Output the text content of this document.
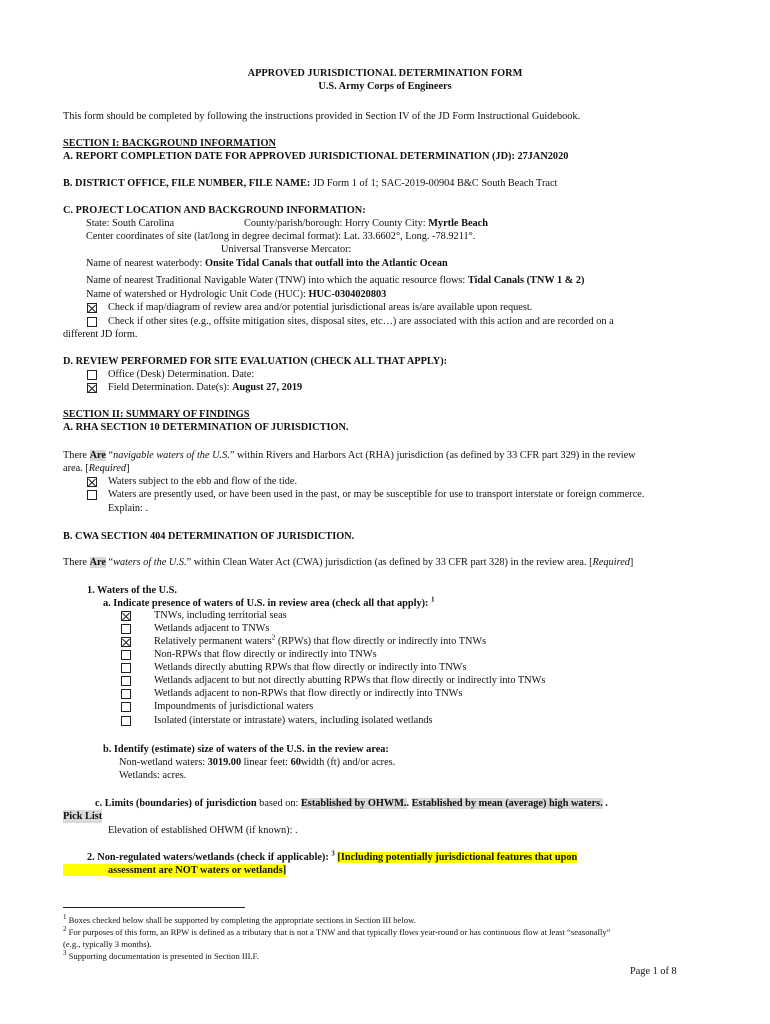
APPROVED JURISDICTIONAL DETERMINATION FORM
U.S. Army Corps of Engineers
This form should be completed by following the instructions provided in Section IV of the JD Form Instructional Guidebook.
SECTION I: BACKGROUND INFORMATION
A. REPORT COMPLETION DATE FOR APPROVED JURISDICTIONAL DETERMINATION (JD): 27JAN2020
B. DISTRICT OFFICE, FILE NUMBER, FILE NAME: JD Form 1 of 1; SAC-2019-00904 B&C South Beach Tract
C. PROJECT LOCATION AND BACKGROUND INFORMATION:
State: South Carolina	County/parish/borough: Horry County City: Myrtle Beach
Center coordinates of site (lat/long in degree decimal format): Lat. 33.6602°, Long. -78.9211°.
Universal Transverse Mercator:
Name of nearest waterbody: Onsite Tidal Canals that outfall into the Atlantic Ocean
Name of nearest Traditional Navigable Water (TNW) into which the aquatic resource flows: Tidal Canals (TNW 1 & 2)
Name of watershed or Hydrologic Unit Code (HUC): HUC-0304020803
Check if map/diagram of review area and/or potential jurisdictional areas is/are available upon request.
Check if other sites (e.g., offsite mitigation sites, disposal sites, etc…) are associated with this action and are recorded on a
different JD form.
D. REVIEW PERFORMED FOR SITE EVALUATION (CHECK ALL THAT APPLY):
Office (Desk) Determination. Date:
Field Determination. Date(s): August 27, 2019
SECTION II: SUMMARY OF FINDINGS
A. RHA SECTION 10 DETERMINATION OF JURISDICTION.
There Are “navigable waters of the U.S.” within Rivers and Harbors Act (RHA) jurisdiction (as defined by 33 CFR part 329) in the review
area. [Required]
Waters subject to the ebb and flow of the tide.
Waters are presently used, or have been used in the past, or may be susceptible for use to transport interstate or foreign commerce.
Explain: .
B. CWA SECTION 404 DETERMINATION OF JURISDICTION.
There Are “waters of the U.S.” within Clean Water Act (CWA) jurisdiction (as defined by 33 CFR part 328) in the review area. [Required]
1. Waters of the U.S.
a. Indicate presence of waters of U.S. in review area (check all that apply): $^1$
TNWs, including territorial seas
Wetlands adjacent to TNWs
Relatively permanent waters$^2$ (RPWs) that flow directly or indirectly into TNWs
Non-RPWs that flow directly or indirectly into TNWs
Wetlands directly abutting RPWs that flow directly or indirectly into TNWs
Wetlands adjacent to but not directly abutting RPWs that flow directly or indirectly into TNWs
Wetlands adjacent to non-RPWs that flow directly or indirectly into TNWs
Impoundments of jurisdictional waters
Isolated (interstate or intrastate) waters, including isolated wetlands
b. Identify (estimate) size of waters of the U.S. in the review area:
Non-wetland waters: 3019.00 linear feet: 60width (ft) and/or acres.
Wetlands: acres.
c. Limits (boundaries) of jurisdiction based on: Established by OHWM.. Established by mean (average) high waters. .
Pick List
Elevation of established OHWM (if known): .
2. Non-regulated waters/wetlands (check if applicable): $^3$ [Including potentially jurisdictional features that upon
assessment are NOT waters or wetlands]
$^1$ Boxes checked below shall be supported by completing the appropriate sections in Section III below.
$^2$ For purposes of this form, an RPW is defined as a tributary that is not a TNW and that typically flows year-round or has continuous flow at least “seasonally”
(e.g., typically 3 months).
$^3$ Supporting documentation is presented in Section III.F.
Page 1 of 8
